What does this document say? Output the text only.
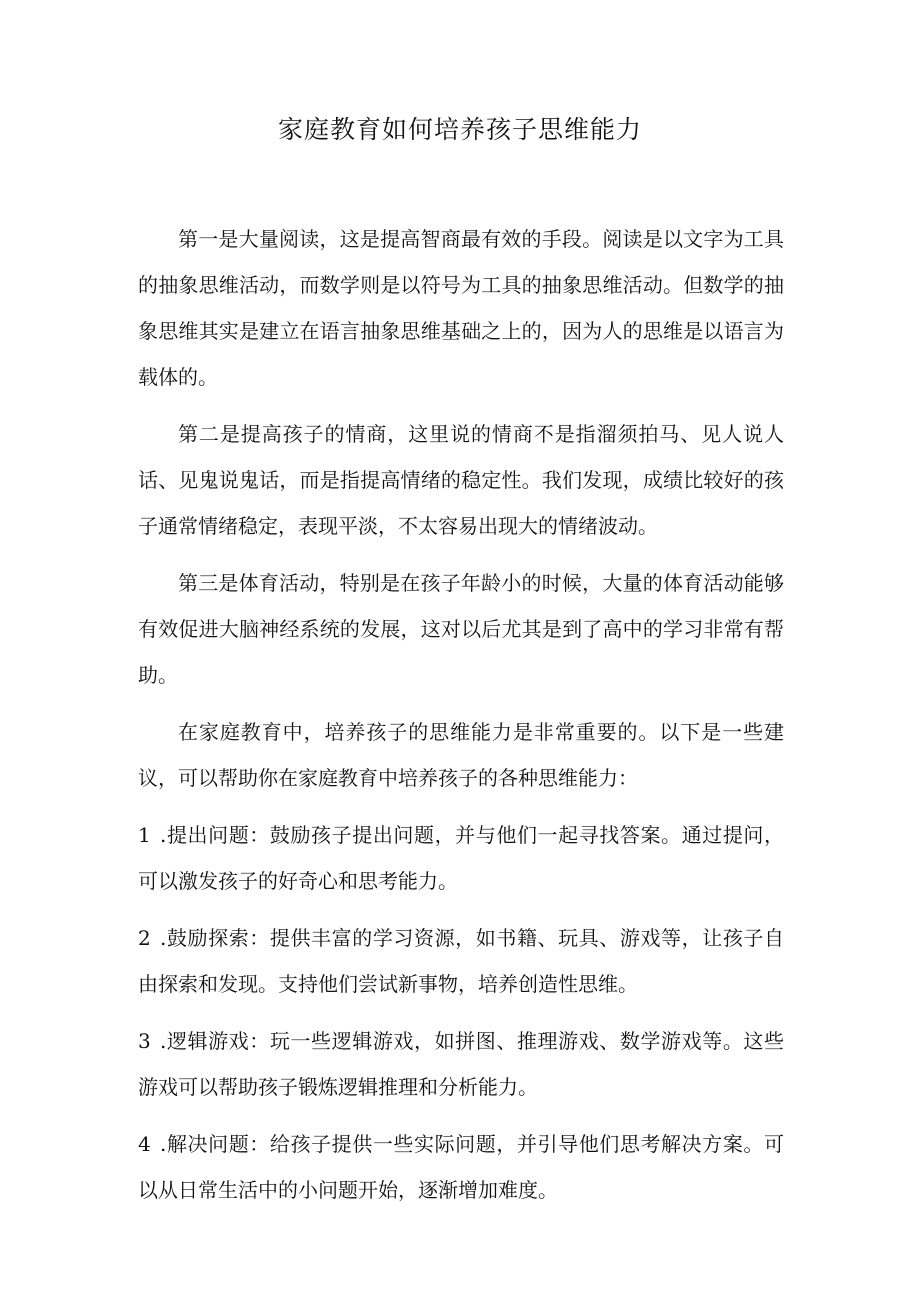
家庭教育如何培养孩子思维能力

第一是大量阅读，这是提高智商最有效的手段。阅读是以文字为工具的抽象思维活动，而数学则是以符号为工具的抽象思维活动。但数学的抽象思维其实是建立在语言抽象思维基础之上的，因为人的思维是以语言为载体的。

第二是提高孩子的情商，这里说的情商不是指溜须拍马、见人说人话、见鬼说鬼话，而是指提高情绪的稳定性。我们发现，成绩比较好的孩子通常情绪稳定，表现平淡，不太容易出现大的情绪波动。

第三是体育活动，特别是在孩子年龄小的时候，大量的体育活动能够有效促进大脑神经系统的发展，这对以后尤其是到了高中的学习非常有帮助。

在家庭教育中，培养孩子的思维能力是非常重要的。以下是一些建议，可以帮助你在家庭教育中培养孩子的各种思维能力：

1 .提出问题：鼓励孩子提出问题，并与他们一起寻找答案。通过提问，可以激发孩子的好奇心和思考能力。

2 .鼓励探索：提供丰富的学习资源，如书籍、玩具、游戏等，让孩子自由探索和发现。支持他们尝试新事物，培养创造性思维。

3 .逻辑游戏：玩一些逻辑游戏，如拼图、推理游戏、数学游戏等。这些游戏可以帮助孩子锻炼逻辑推理和分析能力。

4 .解决问题：给孩子提供一些实际问题，并引导他们思考解决方案。可以从日常生活中的小问题开始，逐渐增加难度。
